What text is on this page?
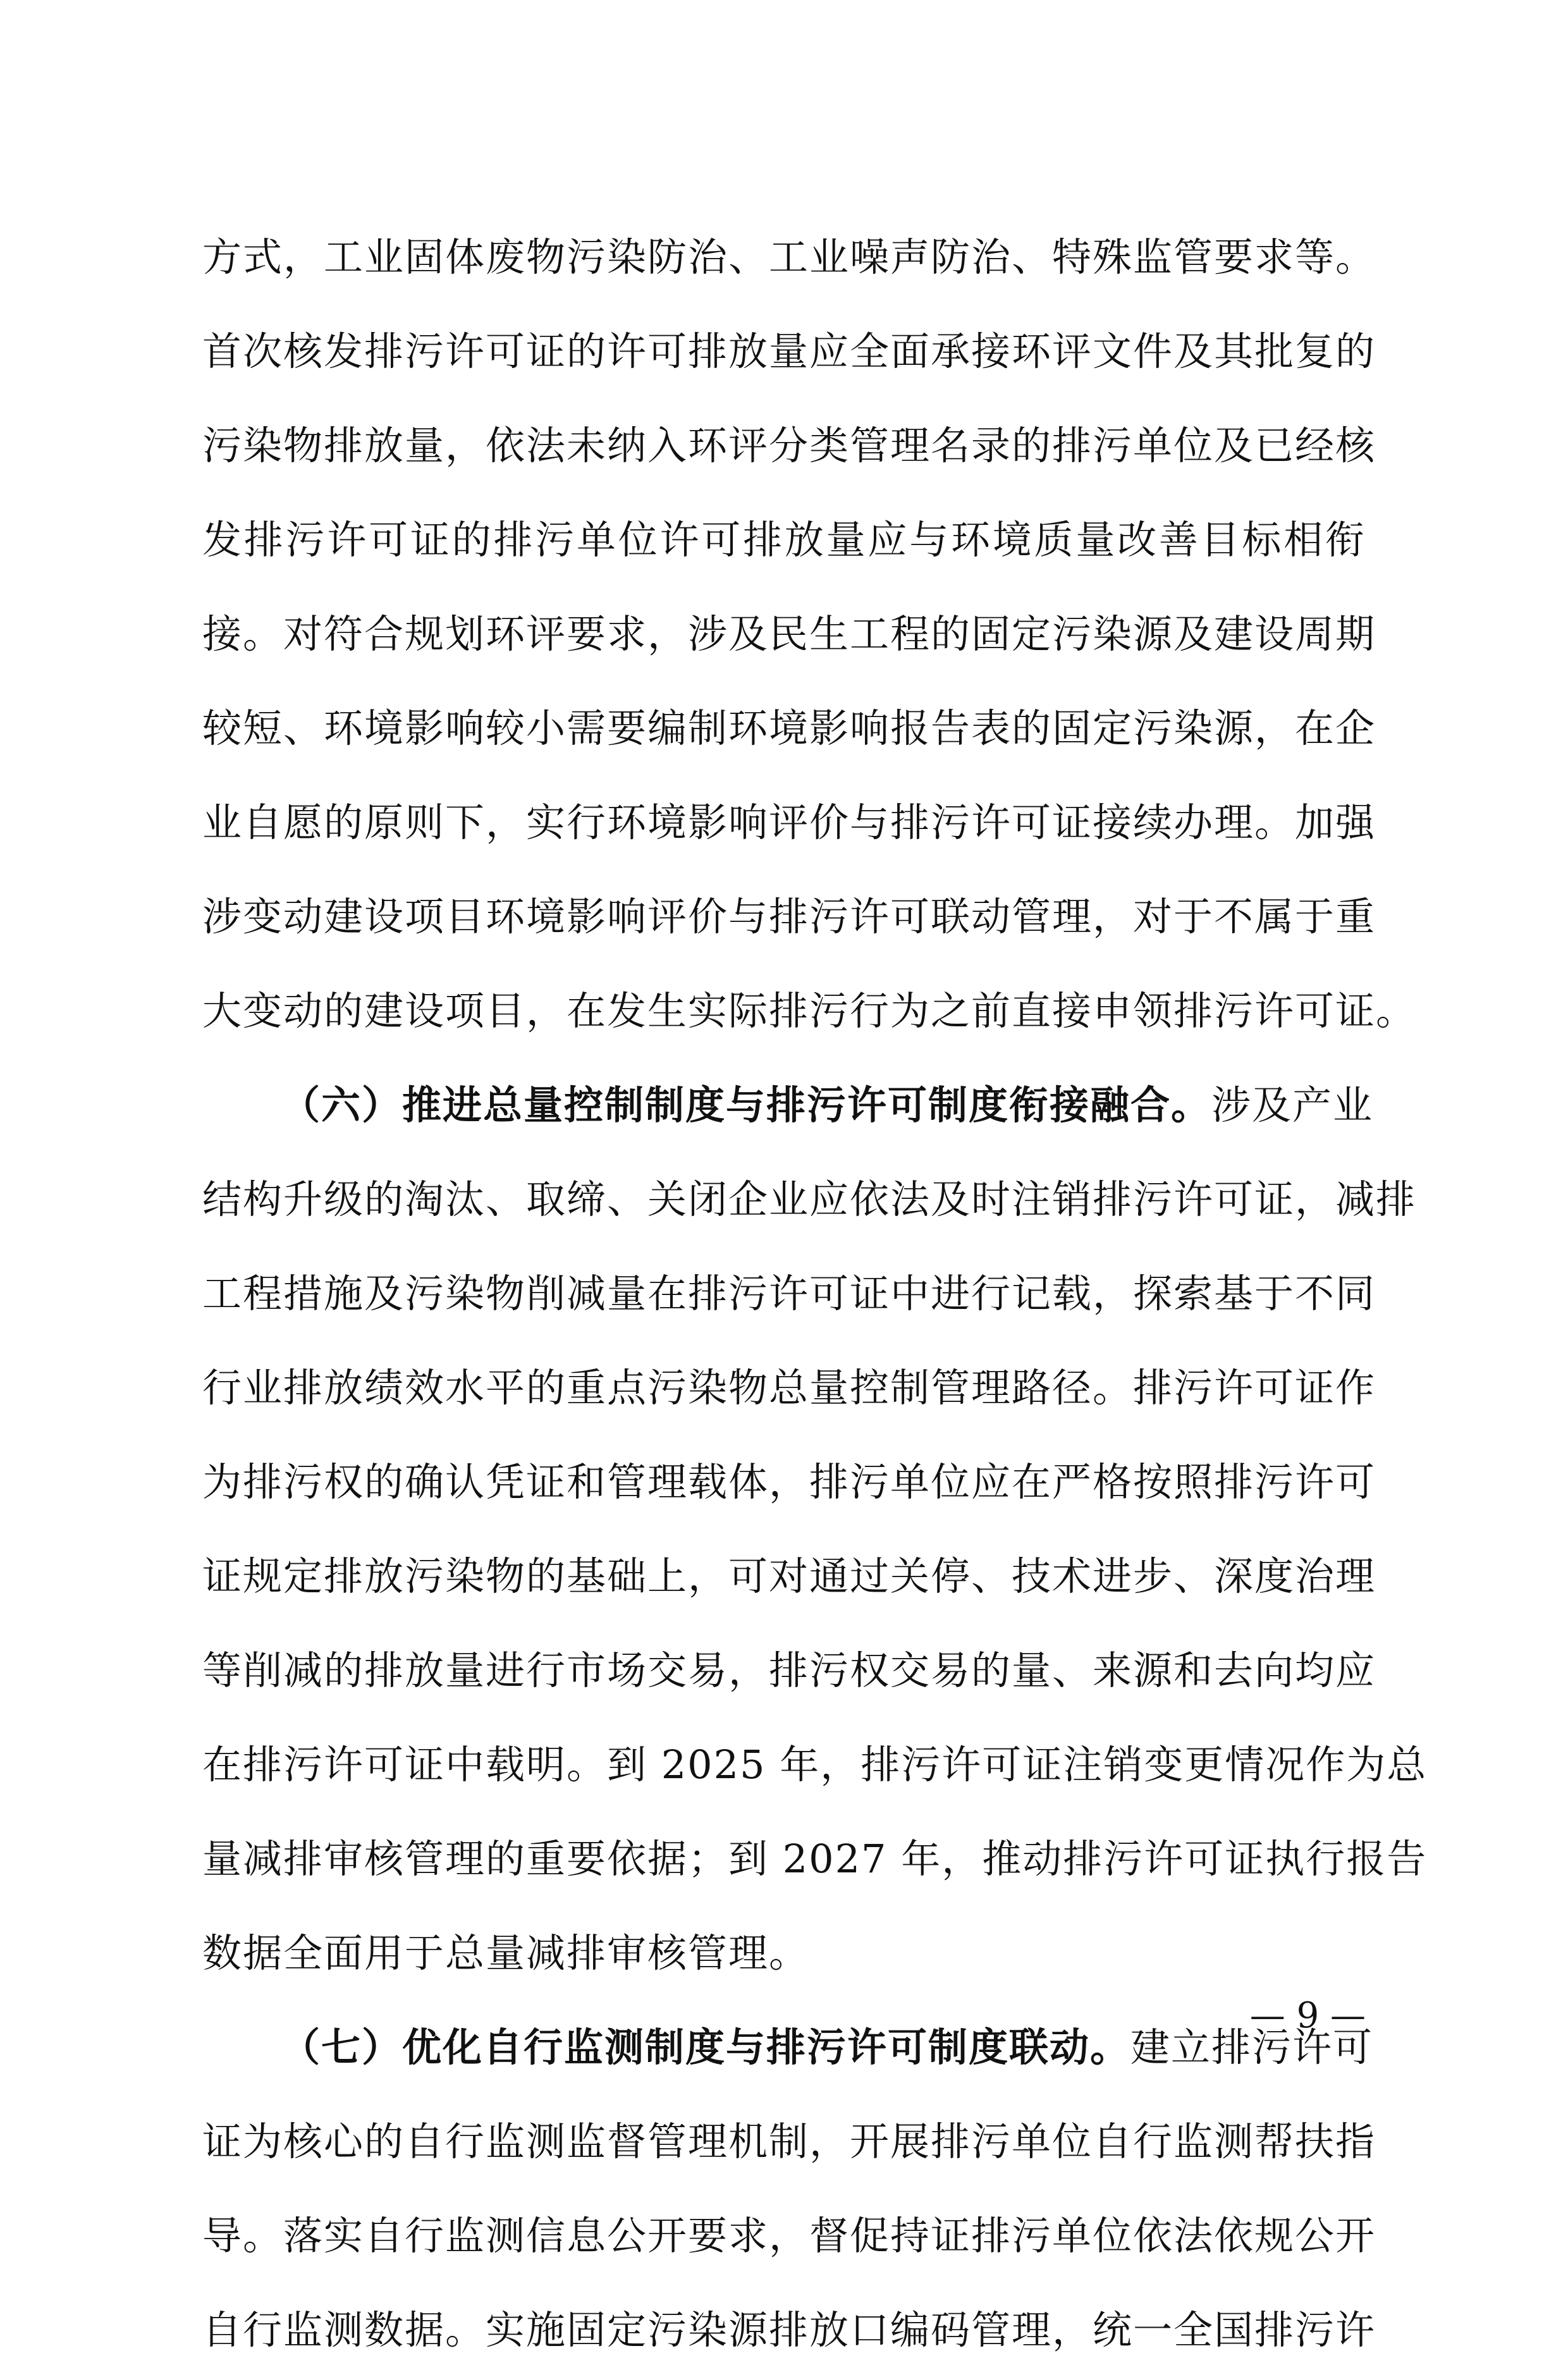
方式，工业固体废物污染防治、工业噪声防治、特殊监管要求等。
首次核发排污许可证的许可排放量应全面承接环评文件及其批复的
污染物排放量，依法未纳入环评分类管理名录的排污单位及已经核
发排污许可证的排污单位许可排放量应与环境质量改善目标相衔
接。对符合规划环评要求，涉及民生工程的固定污染源及建设周期
较短、环境影响较小需要编制环境影响报告表的固定污染源，在企
业自愿的原则下，实行环境影响评价与排污许可证接续办理。加强
涉变动建设项目环境影响评价与排污许可联动管理，对于不属于重
大变动的建设项目，在发生实际排污行为之前直接申领排污许可证。
（六）推进总量控制制度与排污许可制度衔接融合。涉及产业
结构升级的淘汰、取缔、关闭企业应依法及时注销排污许可证，减排
工程措施及污染物削减量在排污许可证中进行记载，探索基于不同
行业排放绩效水平的重点污染物总量控制管理路径。排污许可证作
为排污权的确认凭证和管理载体，排污单位应在严格按照排污许可
证规定排放污染物的基础上，可对通过关停、技术进步、深度治理
等削减的排放量进行市场交易，排污权交易的量、来源和去向均应
在排污许可证中载明。到 2025 年，排污许可证注销变更情况作为总
量减排审核管理的重要依据；到 2027 年，推动排污许可证执行报告
数据全面用于总量减排审核管理。
（七）优化自行监测制度与排污许可制度联动。建立排污许可
证为核心的自行监测监督管理机制，开展排污单位自行监测帮扶指
导。落实自行监测信息公开要求，督促持证排污单位依法依规公开
自行监测数据。实施固定污染源排放口编码管理，统一全国排污许
— 9 —
